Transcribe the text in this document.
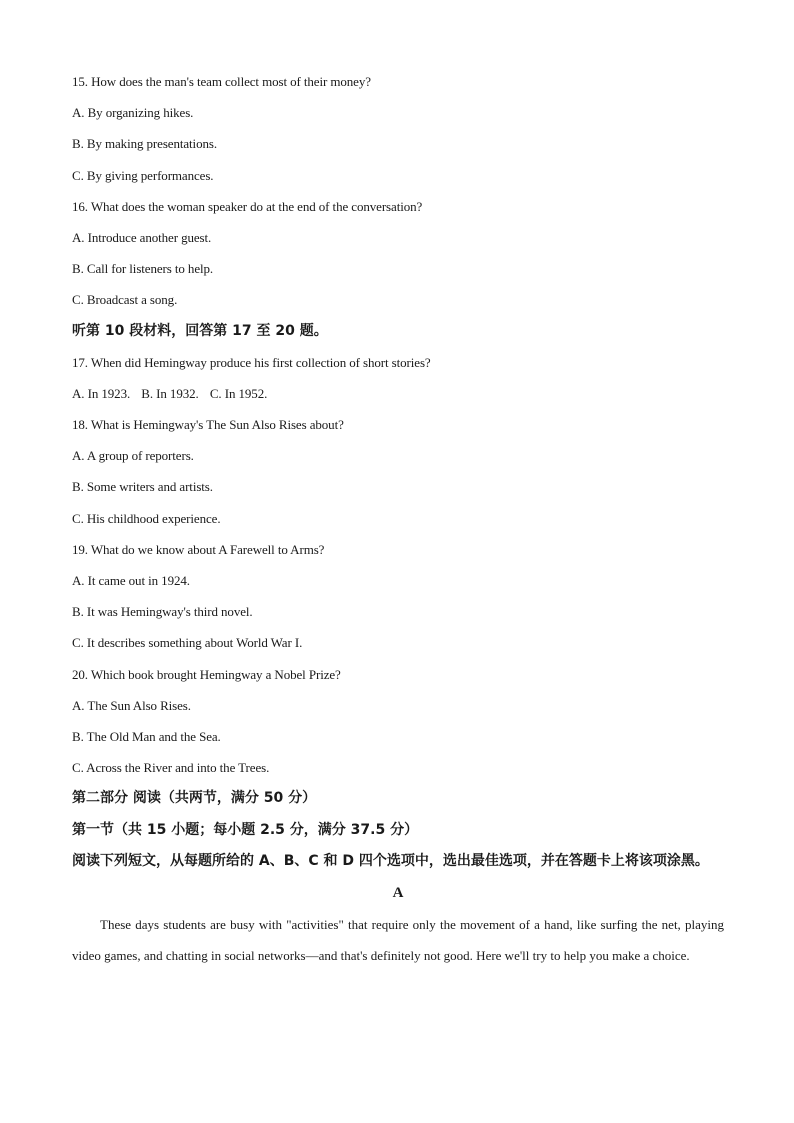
15. How does the man's team collect most of their money?
A. By organizing hikes.
B. By making presentations.
C. By giving performances.
16. What does the woman speaker do at the end of the conversation?
A. Introduce another guest.
B. Call for listeners to help.
C. Broadcast a song.
听第 10 段材料，回答第 17 至 20 题。
17. When did Hemingway produce his first collection of short stories?
A. In 1923. B. In 1932. C. In 1952.
18. What is Hemingway's The Sun Also Rises about?
A. A group of reporters.
B. Some writers and artists.
C. His childhood experience.
19. What do we know about A Farewell to Arms?
A. It came out in 1924.
B. It was Hemingway's third novel.
C. It describes something about World War I.
20. Which book brought Hemingway a Nobel Prize?
A. The Sun Also Rises.
B. The Old Man and the Sea.
C. Across the River and into the Trees.
第二部分 阅读（共两节，满分 50 分）
第一节（共 15 小题；每小题 2.5 分，满分 37.5 分）
阅读下列短文，从每题所给的 A、B、C 和 D 四个选项中，选出最佳选项，并在答题卡上将该项涂黑。
A
These days students are busy with "activities" that require only the movement of a hand, like surfing the net, playing video games, and chatting in social networks—and that's definitely not good. Here we'll try to help you make a choice.
